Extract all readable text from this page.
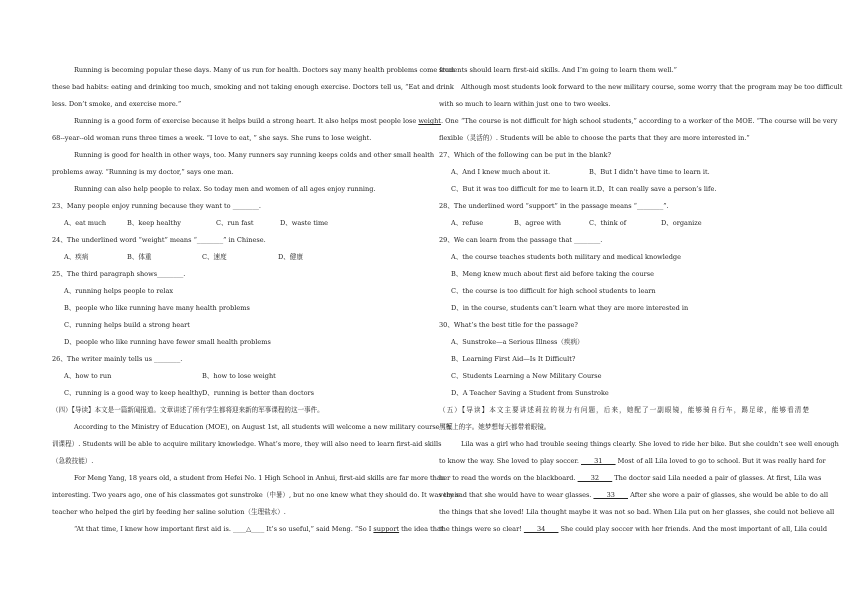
Running is becoming popular these days. Many of us run for health. Doctors say many health problems come from
these bad habits: eating and drinking too much, smoking and not taking enough exercise. Doctors tell us, “Eat and drink
less. Don’t smoke, and exercise more.”
Running is a good form of exercise because it helps build a strong heart. It also helps most people lose weight. One
68--year--old woman runs three times a week. “I love to eat, ” she says. She runs to lose weight.
Running is good for health in other ways, too. Many runners say running keeps colds and other small health
problems away. “Running is my doctor,” says one man.
Running can also help people to relax. So today men and women of all ages enjoy running.
23、Many people enjoy running because they want to ________.
A、eat much	B、keep healthy	C、run fast	D、waste time
24、The underlined word “weight” means “________” in Chinese.
A、疾病	B、体重	C、速度	D、健康
25、The third paragraph shows________.
A、running helps people to relax
B、people who like running have many health problems
C、running helps build a strong heart
D、people who like running have fewer small health problems
26、The writer mainly tells us ________.
A、how to run	B、how to lose weight
C、running is a good way to keep healthy D、running is better than doctors
（四）【导读】本文是一篇新闻报道。文章讲述了所有学生都将迎来新的军事课程的这一事件。
According to the Ministry of Education (MOE), on August 1st, all students will welcome a new military course（军
训课程）. Students will be able to acquire military knowledge. What’s more, they will also need to learn first-aid skills
（急救技能）.
For Meng Yang, 18 years old, a student from Hefei No. 1 High School in Anhui, first-aid skills are far more than
interesting. Two years ago, one of his classmates got sunstroke（中暑）, but no one knew what they should do. It was their
teacher who helped the girl by feeding her saline solution（生理盐水）.
“At that time, I knew how important first aid is. ____△____ It’s so useful,” said Meng. “So I support the idea that
students should learn first-aid skills. And I’m going to learn them well.”
Although most students look forward to the new military course, some worry that the program may be too difficult
with so much to learn within just one to two weeks.
“The course is not difficult for high school students,” according to a worker of the MOE. “The course will be very
flexible（灵活的）. Students will be able to choose the parts that they are more interested in.”
27、Which of the following can be put in the blank?
A、And I knew much about it.	B、But I didn’t have time to learn it.
C、But it was too difficult for me to learn it.D、It can really save a person’s life.
28、The underlined word “support” in the passage means “________”.
A、refuse	B、agree with	C、think of	D、organize
29、We can learn from the passage that ________.
A、the course teaches students both military and medical knowledge
B、Meng knew much about first aid before taking the course
C、the course is too difficult for high school students to learn
D、in the course, students can’t learn what they are more interested in
30、What’s the best title for the passage?
A、Sunstroke—a Serious Illness（疾病）
B、Learning First Aid—Is It Difficult?
C、Students Learning a New Military Course
D、A Teacher Saving a Student from Sunstroke
（五）【导读】本文主要讲述莉拉的视力有问题，后来，她配了一副眼镜，能够骑自行车，踢足球，能够看清楚
黑板上的字。她梦想每天都带着眼镜。
Lila was a girl who had trouble seeing things clearly. She loved to ride her bike. But she couldn’t see well enough
to know the way. She loved to play soccer. ____31____ Most of all Lila loved to go to school. But it was really hard for
her to read the words on the blackboard. ____32____ The doctor said Lila needed a pair of glasses. At first, Lila was
very sad that she would have to wear glasses. ____33____ After she wore a pair of glasses, she would be able to do all
the things that she loved! Lila thought maybe it was not so bad. When Lila put on her glasses, she could not believe all
the things were so clear! ____34____ She could play soccer with her friends. And the most important of all, Lila could
